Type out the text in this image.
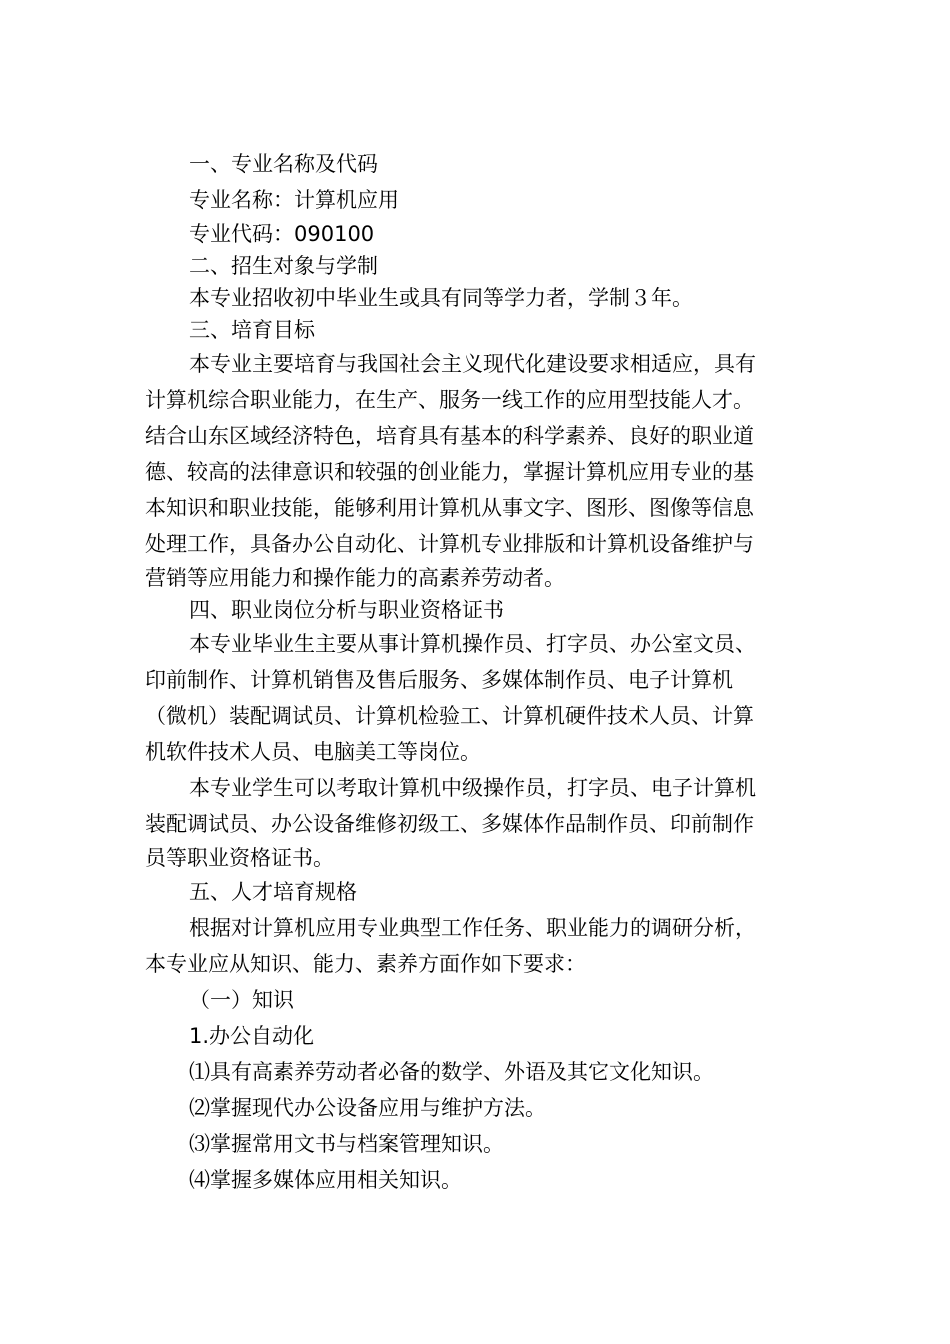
一、专业名称及代码
专业名称：计算机应用
专业代码：090100
二、招生对象与学制
本专业招收初中毕业生或具有同等学力者，学制３年。
三、培育目标
本专业主要培育与我国社会主义现代化建设要求相适应，具有
计算机综合职业能力，在生产、服务一线工作的应用型技能人才。
结合山东区域经济特色，培育具有基本的科学素养、良好的职业道
德、较高的法律意识和较强的创业能力，掌握计算机应用专业的基
本知识和职业技能，能够利用计算机从事文字、图形、图像等信息
处理工作，具备办公自动化、计算机专业排版和计算机设备维护与
营销等应用能力和操作能力的高素养劳动者。
四、职业岗位分析与职业资格证书
本专业毕业生主要从事计算机操作员、打字员、办公室文员、
印前制作、计算机销售及售后服务、多媒体制作员、电子计算机
（微机）装配调试员、计算机检验工、计算机硬件技术人员、计算
机软件技术人员、电脑美工等岗位。
本专业学生可以考取计算机中级操作员，打字员、电子计算机
装配调试员、办公设备维修初级工、多媒体作品制作员、印前制作
员等职业资格证书。
五、人才培育规格
根据对计算机应用专业典型工作任务、职业能力的调研分析，
本专业应从知识、能力、素养方面作如下要求：
（一）知识
1.办公自动化
⑴具有高素养劳动者必备的数学、外语及其它文化知识。
⑵掌握现代办公设备应用与维护方法。
⑶掌握常用文书与档案管理知识。
⑷掌握多媒体应用相关知识。
